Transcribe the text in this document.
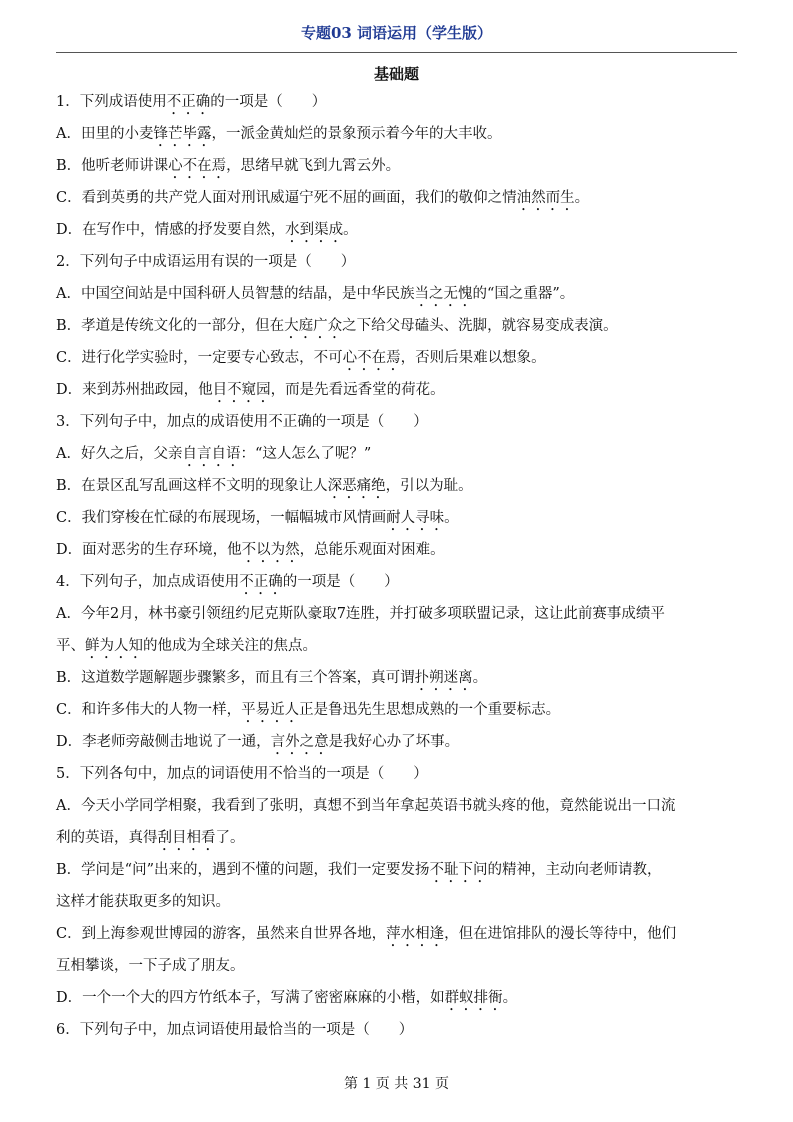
专题03 词语运用（学生版）
基础题
1．下列成语使用不正确的一项是（　　）
A．田里的小麦锋芒毕露，一派金黄灿烂的景象预示着今年的大丰收。
B．他听老师讲课心不在焉，思绪早就飞到九霄云外。
C．看到英勇的共产党人面对刑讯威逼宁死不屈的画面，我们的敬仰之情油然而生。
D．在写作中，情感的抒发要自然，水到渠成。
2．下列句子中成语运用有误的一项是（　　）
A．中国空间站是中国科研人员智慧的结晶，是中华民族当之无愧的“国之重器”。
B．孝道是传统文化的一部分，但在大庭广众之下给父母磕头、洗脚，就容易变成表演。
C．进行化学实验时，一定要专心致志，不可心不在焉，否则后果难以想象。
D．来到苏州拙政园，他目不窥园，而是先看远香堂的荷花。
3．下列句子中，加点的成语使用不正确的一项是（　　）
A．好久之后，父亲自言自语：“这人怎么了呢？”
B．在景区乱写乱画这样不文明的现象让人深恶痛绝，引以为耻。
C．我们穿梭在忙碌的布展现场，一幅幅城市风情画耐人寻味。
D．面对恶劣的生存环境，他不以为然，总能乐观面对困难。
4．下列句子，加点成语使用不正确的一项是（　　）
A．今年2月，林书豪引领纽约尼克斯队豪取7连胜，并打破多项联盟记录，这让此前赛事成绩平
平、鲜为人知的他成为全球关注的焦点。
B．这道数学题解题步骤繁多，而且有三个答案，真可谓扑朔迷离。
C．和许多伟大的人物一样，平易近人正是鲁迅先生思想成熟的一个重要标志。
D．李老师旁敲侧击地说了一通，言外之意是我好心办了坏事。
5．下列各句中，加点的词语使用不恰当的一项是（　　）
A．今天小学同学相聚，我看到了张明，真想不到当年拿起英语书就头疼的他，竟然能说出一口流
利的英语，真得刮目相看了。
B．学问是“问”出来的，遇到不懂的问题，我们一定要发扬不耻下问的精神，主动向老师请教，
这样才能获取更多的知识。
C．到上海参观世博园的游客，虽然来自世界各地，萍水相逢，但在进馆排队的漫长等待中，他们
互相攀谈，一下子成了朋友。
D．一个一个大的四方竹纸本子，写满了密密麻麻的小楷，如群蚁排衙。
6．下列句子中，加点词语使用最恰当的一项是（　　）
第 1 页 共 31 页
